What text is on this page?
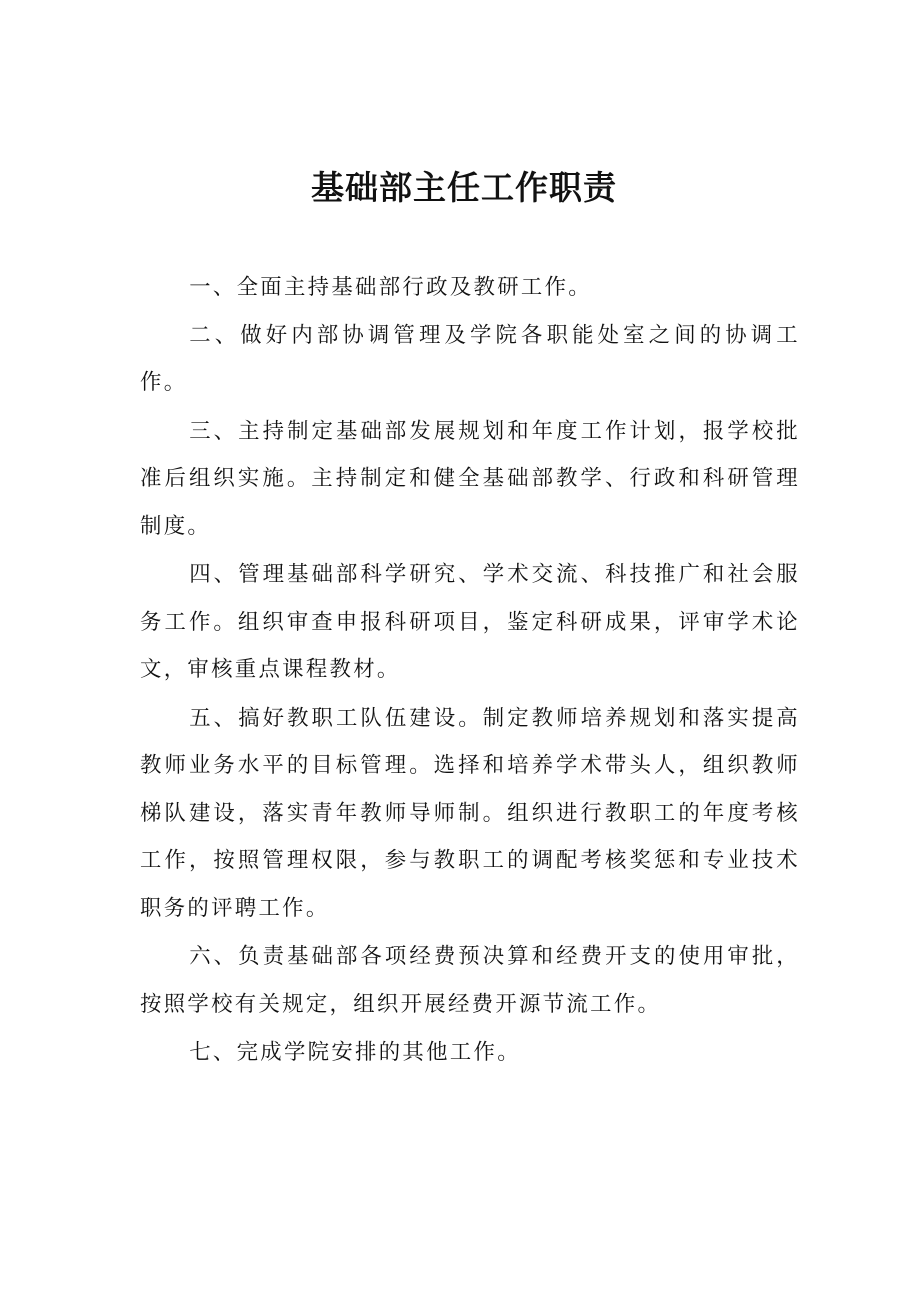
基础部主任工作职责

一、全面主持基础部行政及教研工作。

二、做好内部协调管理及学院各职能处室之间的协调工作。

三、主持制定基础部发展规划和年度工作计划，报学校批准后组织实施。主持制定和健全基础部教学、行政和科研管理制度。

四、管理基础部科学研究、学术交流、科技推广和社会服务工作。组织审查申报科研项目，鉴定科研成果，评审学术论文，审核重点课程教材。

五、搞好教职工队伍建设。制定教师培养规划和落实提高教师业务水平的目标管理。选择和培养学术带头人，组织教师梯队建设，落实青年教师导师制。组织进行教职工的年度考核工作，按照管理权限，参与教职工的调配考核奖惩和专业技术职务的评聘工作。

六、负责基础部各项经费预决算和经费开支的使用审批，按照学校有关规定，组织开展经费开源节流工作。

七、完成学院安排的其他工作。
